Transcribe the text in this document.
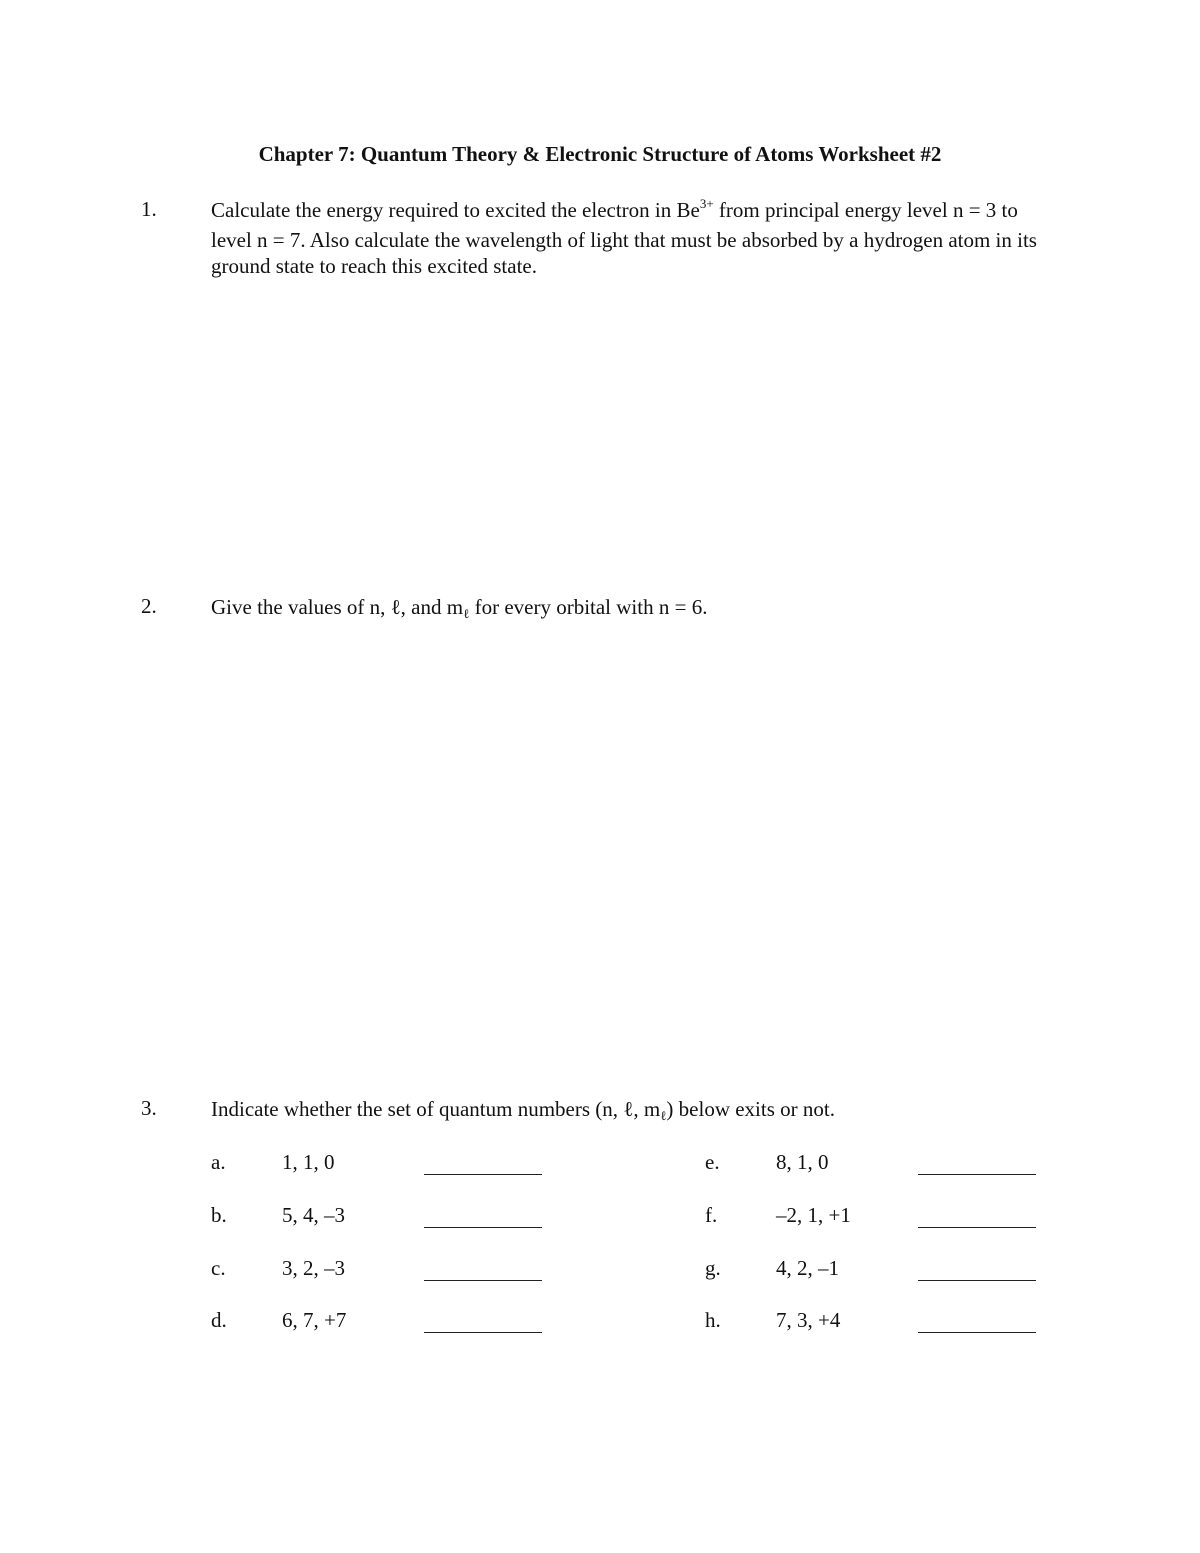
Chapter 7: Quantum Theory & Electronic Structure of Atoms Worksheet #2
1.	Calculate the energy required to excited the electron in $Be^{3+}$ from principal energy level n = 3 to level n = 7. Also calculate the wavelength of light that must be absorbed by a hydrogen atom in its ground state to reach this excited state.
2.	Give the values of n, ℓ, and $m_\ell$ for every orbital with n = 6.
3.	Indicate whether the set of quantum numbers (n, ℓ, $m_\ell$) below exits or not.
a.	1, 1, 0
b.	5, 4, –3
c.	3, 2, –3
d.	6, 7, +7
e.	8, 1, 0
f.	–2, 1, +1
g.	4, 2, –1
h.	7, 3, +4
